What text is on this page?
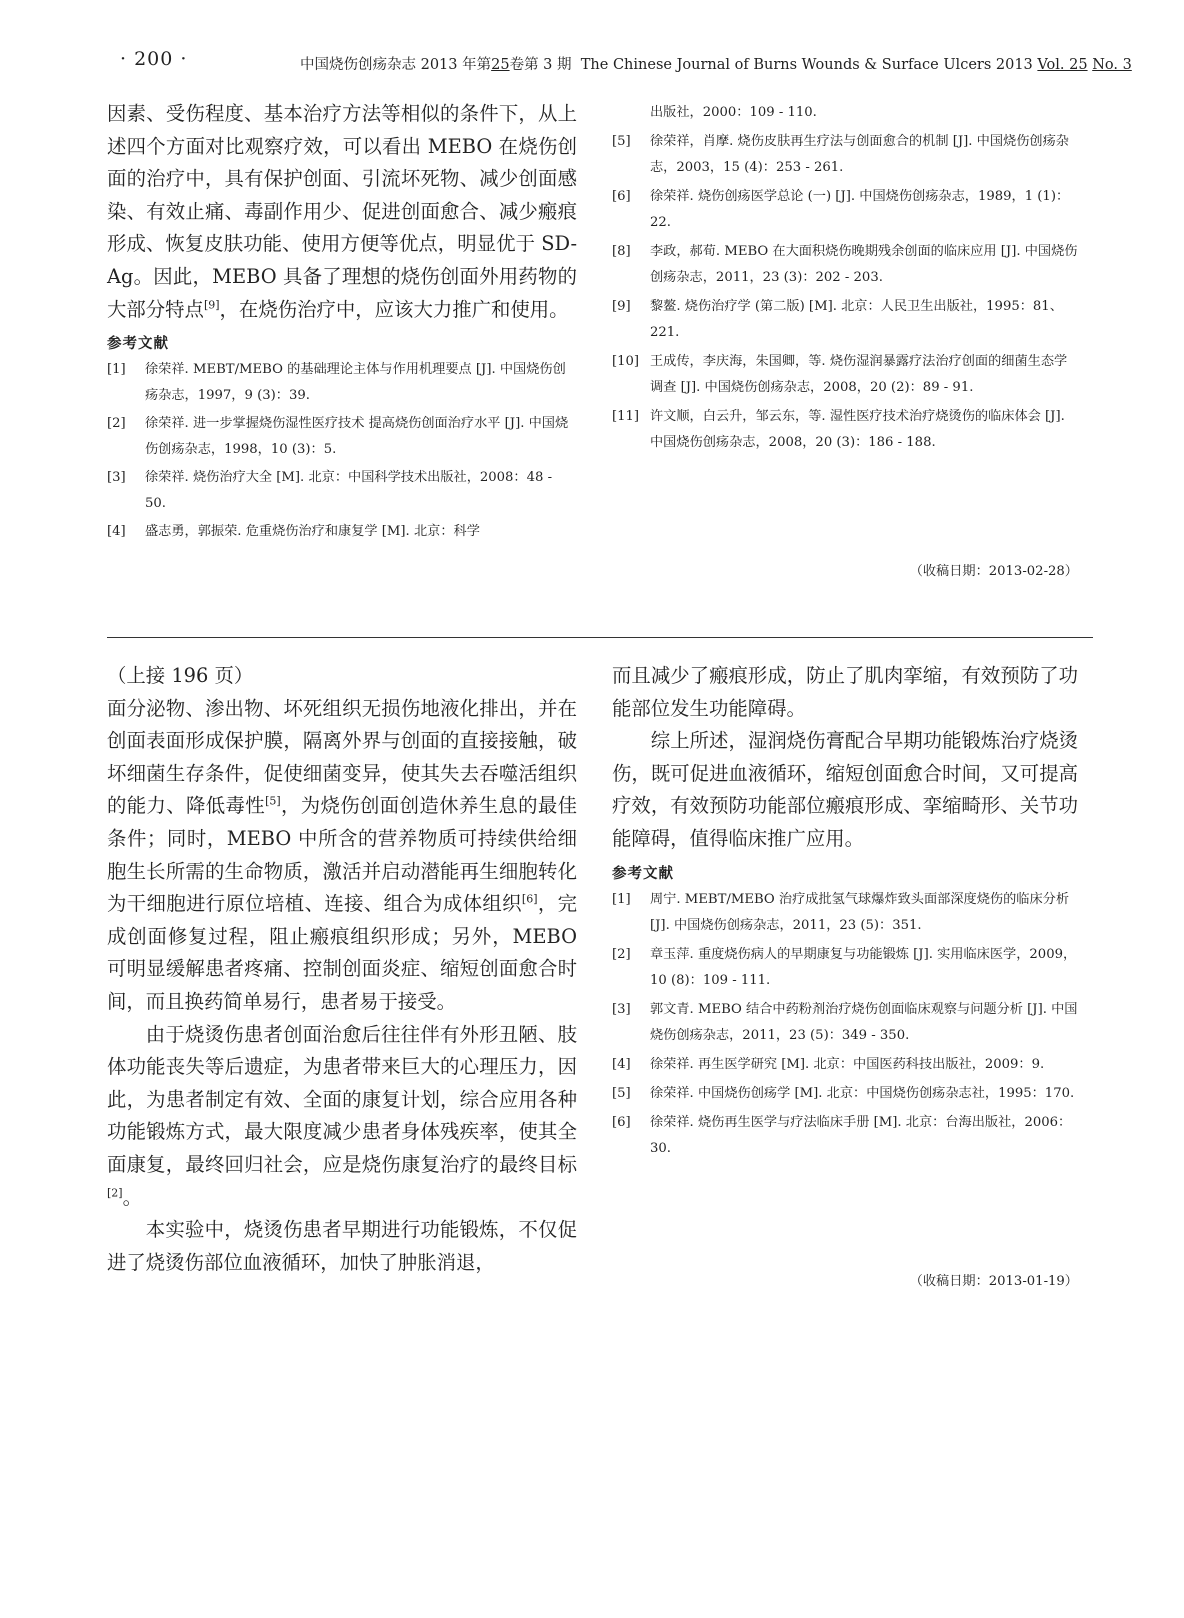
· 200 ·	中国烧伤创疡杂志 2013 年第25卷第 3 期 The Chinese Journal of Burns Wounds & Surface Ulcers 2013 Vol. 25 No. 3

因素、受伤程度、基本治疗方法等相似的条件下，从上述四个方面对比观察疗效，可以看出 MEBO 在烧伤创面的治疗中，具有保护创面、引流坏死物、减少创面感染、有效止痛、毒副作用少、促进创面愈合、减少瘢痕形成、恢复皮肤功能、使用方便等优点，明显优于 SD-Ag。因此，MEBO 具备了理想的烧伤创面外用药物的大部分特点[9]，在烧伤治疗中，应该大力推广和使用。

参考文献
[1]	徐荣祥. MEBT/MEBO 的基础理论主体与作用机理要点 [J]. 中国烧伤创疡杂志，1997，9 (3)：39.
[2]	徐荣祥. 进一步掌握烧伤湿性医疗技术 提高烧伤创面治疗水平 [J]. 中国烧伤创疡杂志，1998，10 (3)：5.
[3]	徐荣祥. 烧伤治疗大全 [M]. 北京：中国科学技术出版社，2008：48 - 50.
[4]	盛志勇，郭振荣. 危重烧伤治疗和康复学 [M]. 北京：科学
出版社，2000：109 - 110.
[5]	徐荣祥，肖摩. 烧伤皮肤再生疗法与创面愈合的机制 [J]. 中国烧伤创疡杂志，2003，15 (4)：253 - 261.
[6]	徐荣祥. 烧伤创疡医学总论 (一) [J]. 中国烧伤创疡杂志，1989，1 (1)：22.
[8]	李政，郝荀. MEBO 在大面积烧伤晚期残余创面的临床应用 [J]. 中国烧伤创疡杂志，2011，23 (3)：202 - 203.
[9]	黎鳌. 烧伤治疗学 (第二版) [M]. 北京：人民卫生出版社，1995：81、221.
[10] 王成传，李庆海，朱国卿，等. 烧伤湿润暴露疗法治疗创面的细菌生态学调查 [J]. 中国烧伤创疡杂志，2008，20 (2)：89 - 91.
[11] 许文顺，白云升，邹云东，等. 湿性医疗技术治疗烧烫伤的临床体会 [J]. 中国烧伤创疡杂志，2008，20 (3)：186 - 188.
（收稿日期：2013-02-28）

（上接 196 页）

面分泌物、渗出物、坏死组织无损伤地液化排出，并在创面表面形成保护膜，隔离外界与创面的直接接触，破坏细菌生存条件，促使细菌变异，使其失去吞噬活组织的能力、降低毒性[5]，为烧伤创面创造休养生息的最佳条件；同时，MEBO 中所含的营养物质可持续供给细胞生长所需的生命物质，激活并启动潜能再生细胞转化为干细胞进行原位培植、连接、组合为成体组织[6]，完成创面修复过程，阻止瘢痕组织形成；另外，MEBO 可明显缓解患者疼痛、控制创面炎症、缩短创面愈合时间，而且换药简单易行，患者易于接受。

由于烧烫伤患者创面治愈后往往伴有外形丑陋、肢体功能丧失等后遗症，为患者带来巨大的心理压力，因此，为患者制定有效、全面的康复计划，综合应用各种功能锻炼方式，最大限度减少患者身体残疾率，使其全面康复，最终回归社会，应是烧伤康复治疗的最终目标[2]。

本实验中，烧烫伤患者早期进行功能锻炼，不仅促进了烧烫伤部位血液循环，加快了肿胀消退，

而且减少了瘢痕形成，防止了肌肉挛缩，有效预防了功能部位发生功能障碍。

综上所述，湿润烧伤膏配合早期功能锻炼治疗烧烫伤，既可促进血液循环，缩短创面愈合时间，又可提高疗效，有效预防功能部位瘢痕形成、挛缩畸形、关节功能障碍，值得临床推广应用。

参考文献
[1]	周宁. MEBT/MEBO 治疗成批氢气球爆炸致头面部深度烧伤的临床分析 [J]. 中国烧伤创疡杂志，2011，23 (5)：351.
[2]	章玉萍. 重度烧伤病人的早期康复与功能锻炼 [J]. 实用临床医学，2009，10 (8)：109 - 111.
[3]	郭文青. MEBO 结合中药粉剂治疗烧伤创面临床观察与问题分析 [J]. 中国烧伤创疡杂志，2011，23 (5)：349 - 350.
[4]	徐荣祥. 再生医学研究 [M]. 北京：中国医药科技出版社，2009：9.
[5]	徐荣祥. 中国烧伤创疡学 [M]. 北京：中国烧伤创疡杂志社，1995：170.
[6]	徐荣祥. 烧伤再生医学与疗法临床手册 [M]. 北京：台海出版社，2006：30.
（收稿日期：2013-01-19）
